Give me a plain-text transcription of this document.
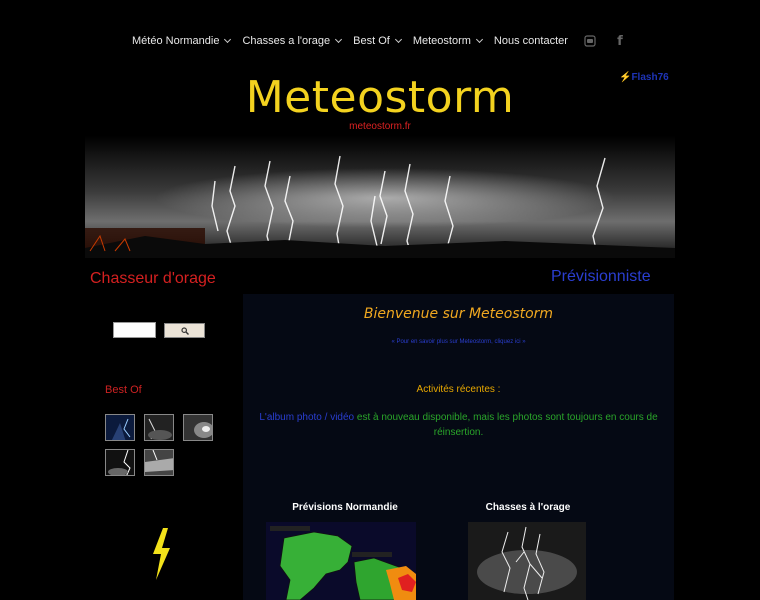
Météo Normandie Chasses a l'orage Best Of Meteostorm Nous contacter	f
Meteostorm
meteostorm.fr
⚡Flash76
Chasseur d'orage	Prévisionniste
Best Of
Bienvenue sur Meteostorm
« Pour en savoir plus sur Meteostorm, cliquez ici »
Activités récentes :
L'album photo / vidéo est à nouveau disponible, mais les photos sont toujours en cours de réinsertion.
Prévisions Normandie	Chasses à l'orage
